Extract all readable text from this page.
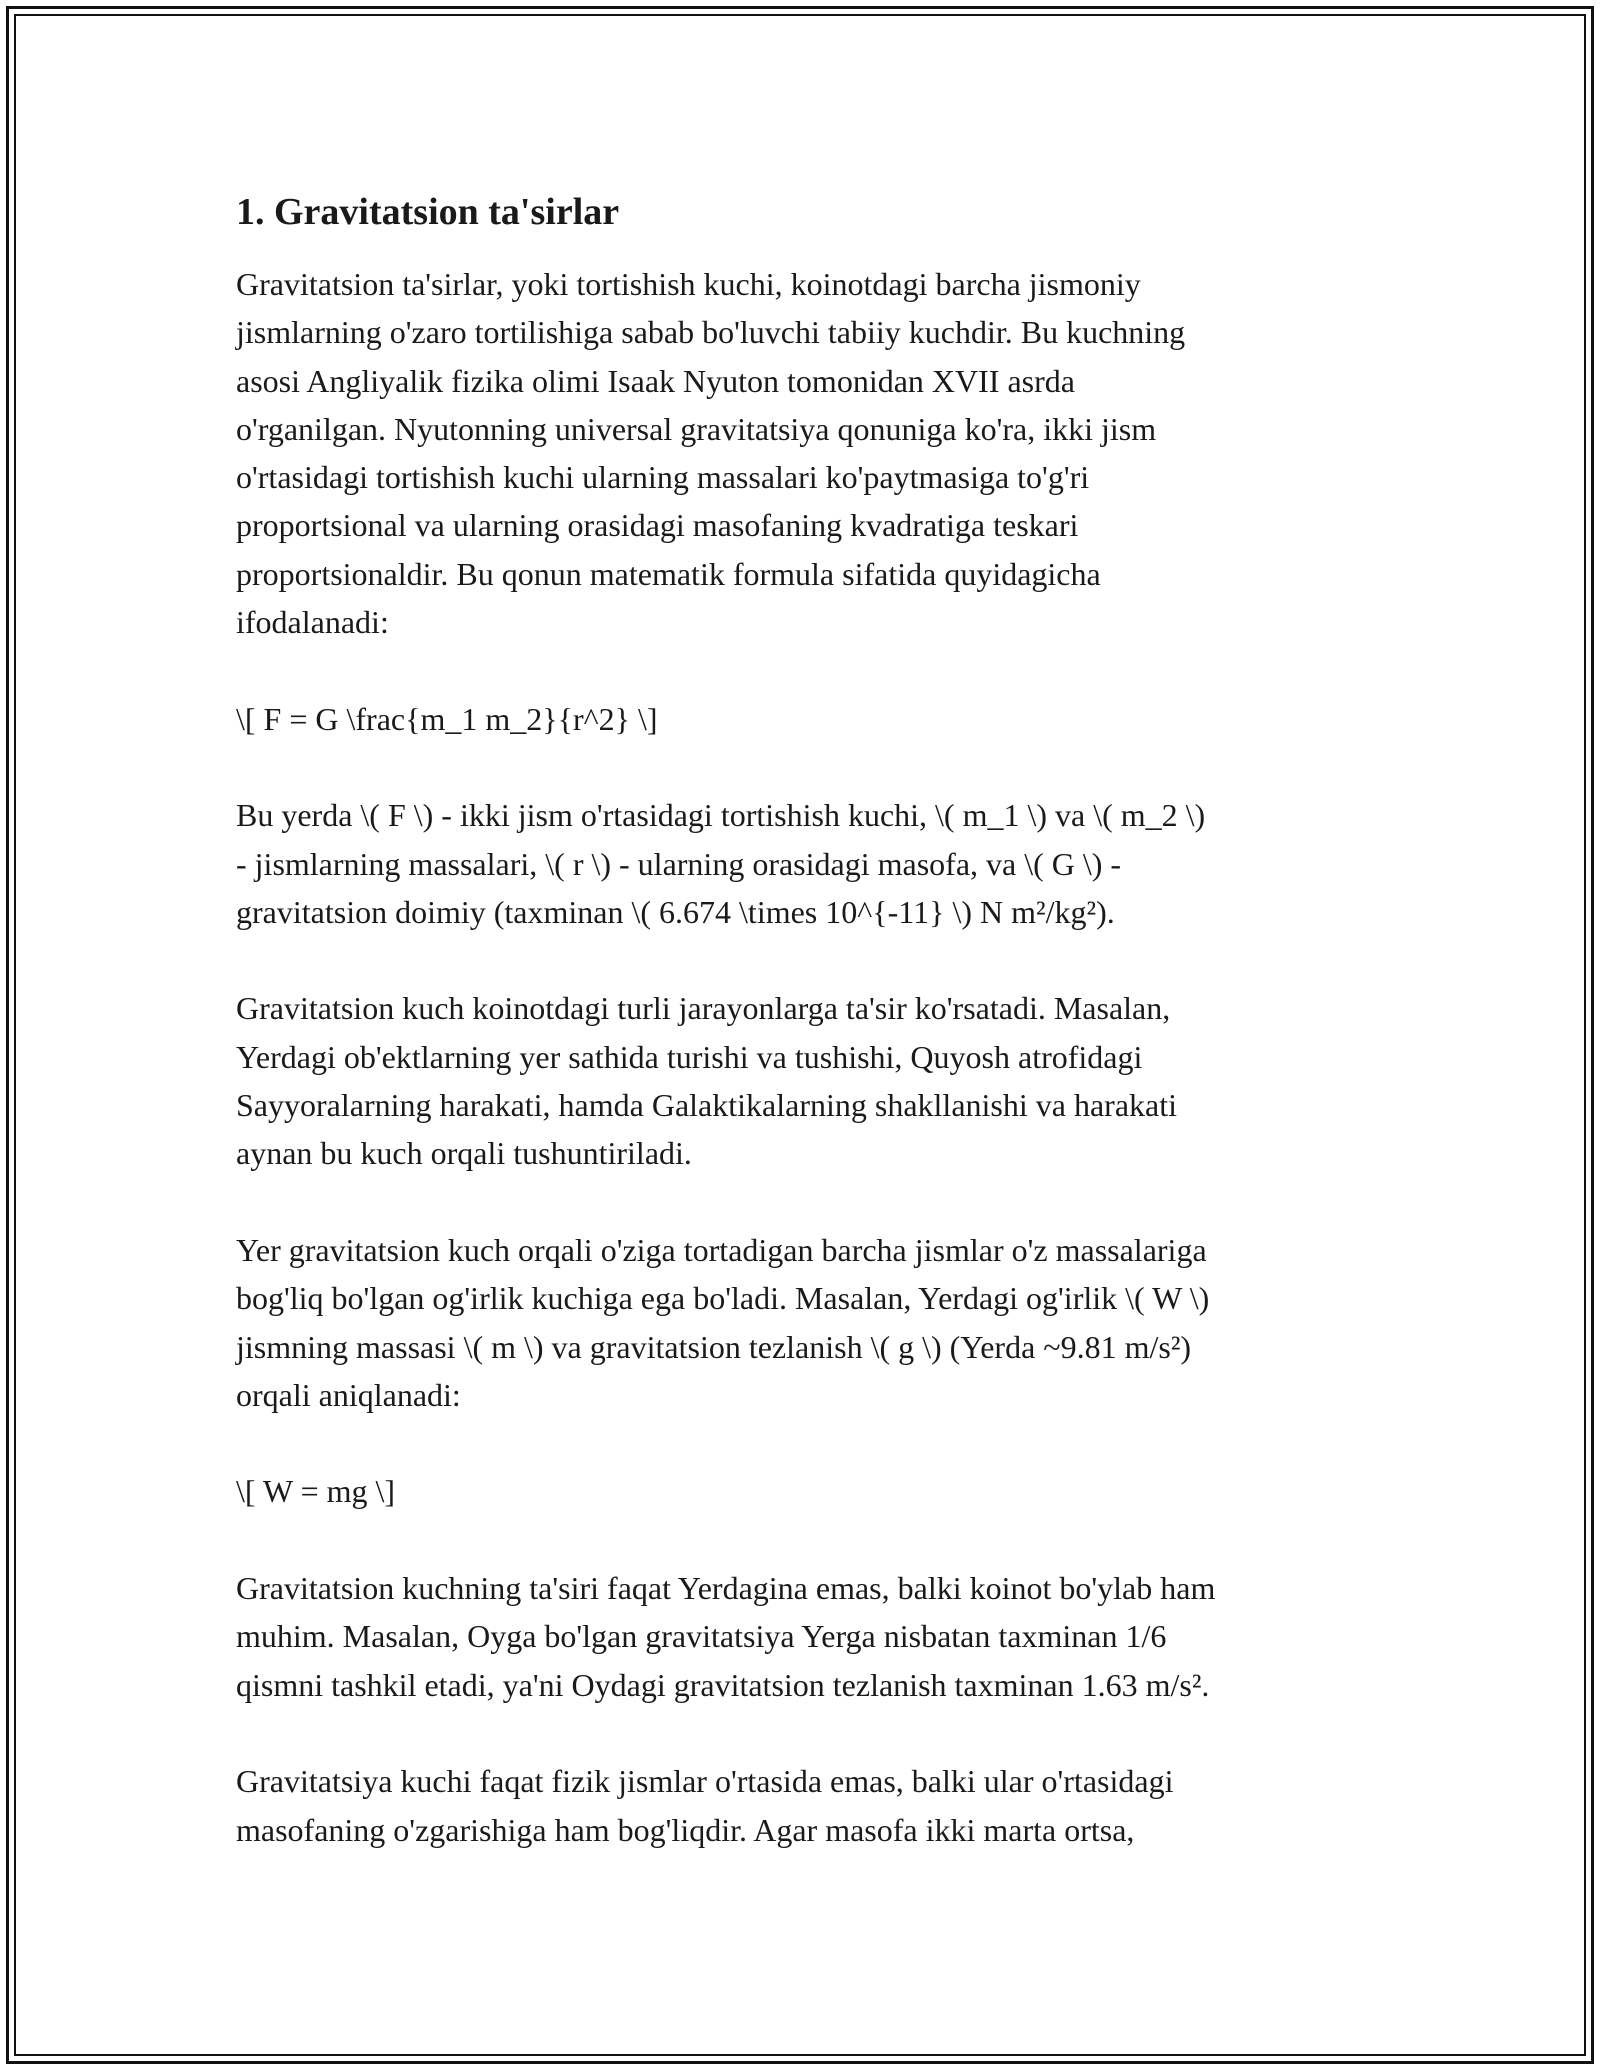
1. Gravitatsion ta'sirlar
Gravitatsion ta'sirlar, yoki tortishish kuchi, koinotdagi barcha jismoniy
jismlarning o'zaro tortilishiga sabab bo'luvchi tabiiy kuchdir. Bu kuchning
asosi Angliyalik fizika olimi Isaak Nyuton tomonidan XVII asrda
o'rganilgan. Nyutonning universal gravitatsiya qonuniga ko'ra, ikki jism
o'rtasidagi tortishish kuchi ularning massalari ko'paytmasiga to'g'ri
proportsional va ularning orasidagi masofaning kvadratiga teskari
proportsionaldir. Bu qonun matematik formula sifatida quyidagicha
ifodalanadi:
\[ F = G \frac{m_1 m_2}{r^2} \]
Bu yerda \( F \) - ikki jism o'rtasidagi tortishish kuchi, \( m_1 \) va \( m_2 \)
- jismlarning massalari, \( r \) - ularning orasidagi masofa, va \( G \) -
gravitatsion doimiy (taxminan \( 6.674 \times 10^{-11} \) N m²/kg²).
Gravitatsion kuch koinotdagi turli jarayonlarga ta'sir ko'rsatadi. Masalan,
Yerdagi ob'ektlarning yer sathida turishi va tushishi, Quyosh atrofidagi
Sayyoralarning harakati, hamda Galaktikalarning shakllanishi va harakati
aynan bu kuch orqali tushuntiriladi.
Yer gravitatsion kuch orqali o'ziga tortadigan barcha jismlar o'z massalariga
bog'liq bo'lgan og'irlik kuchiga ega bo'ladi. Masalan, Yerdagi og'irlik \( W \)
jismning massasi \( m \) va gravitatsion tezlanish \( g \) (Yerda ~9.81 m/s²)
orqali aniqlanadi:
\[ W = mg \]
Gravitatsion kuchning ta'siri faqat Yerdagina emas, balki koinot bo'ylab ham
muhim. Masalan, Oyga bo'lgan gravitatsiya Yerga nisbatan taxminan 1/6
qismni tashkil etadi, ya'ni Oydagi gravitatsion tezlanish taxminan 1.63 m/s².
Gravitatsiya kuchi faqat fizik jismlar o'rtasida emas, balki ular o'rtasidagi
masofaning o'zgarishiga ham bog'liqdir. Agar masofa ikki marta ortsa,
